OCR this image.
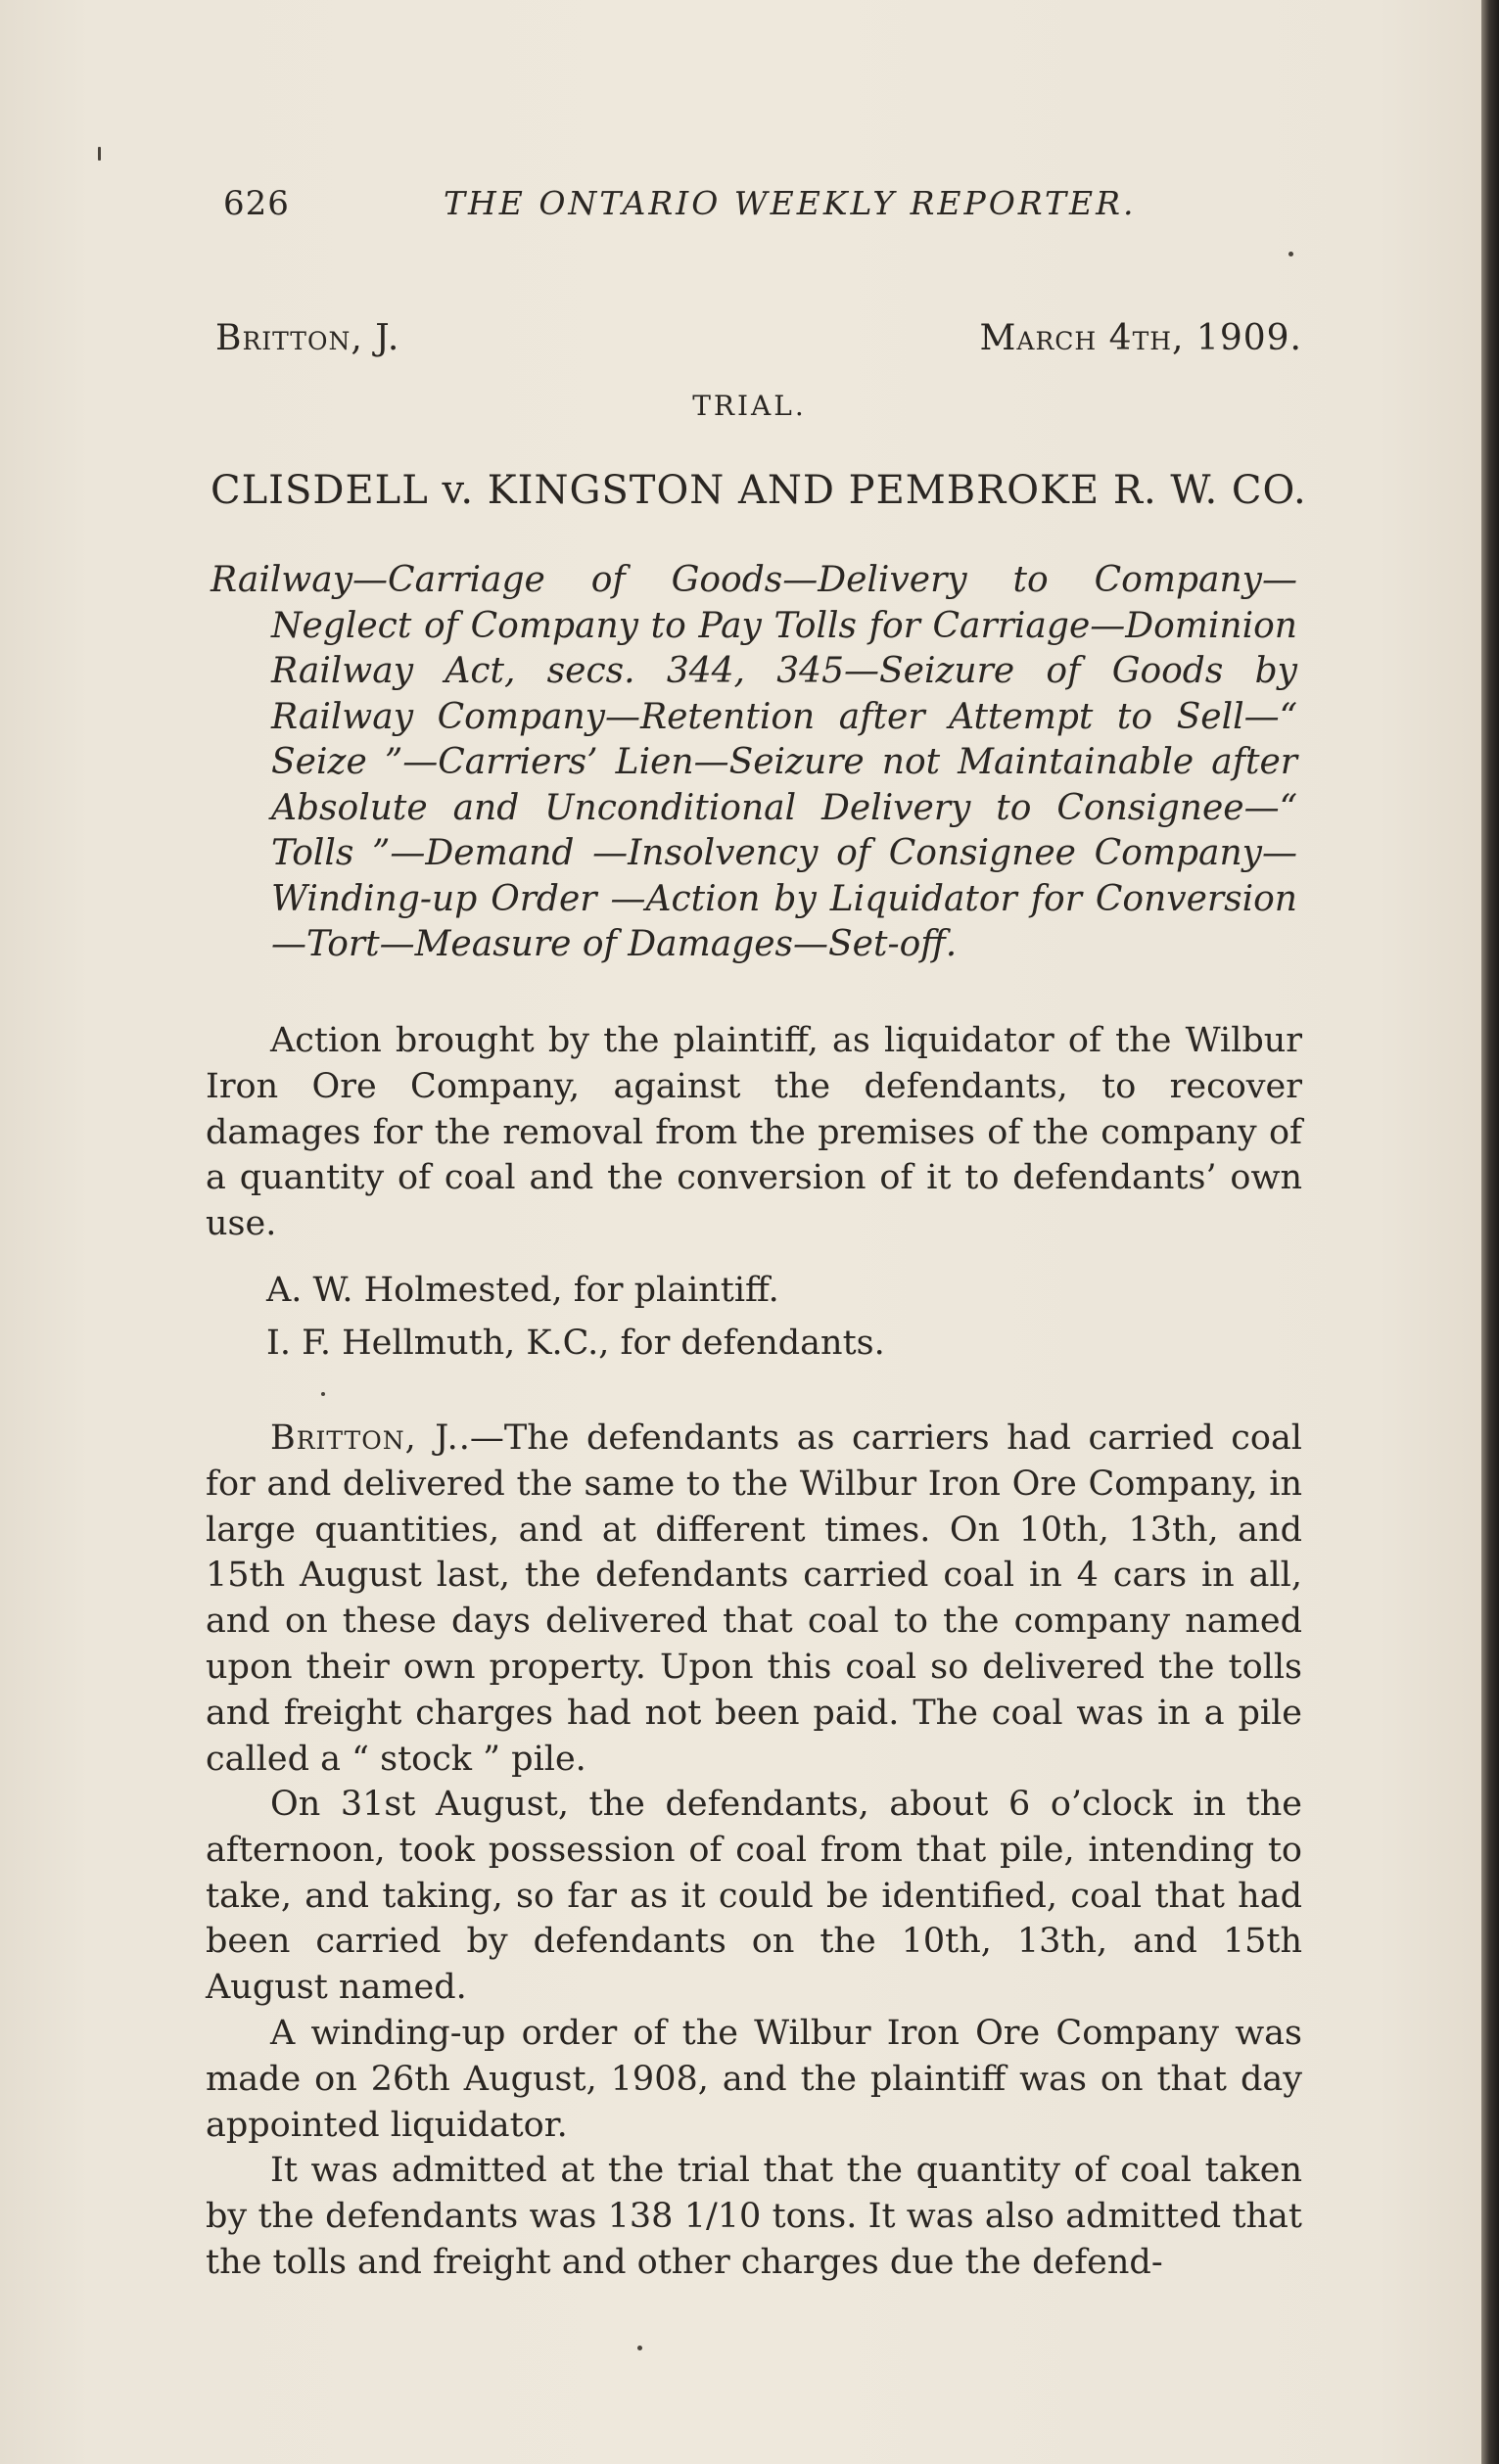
626	THE ONTARIO WEEKLY REPORTER.
Britton, J.	March 4th, 1909.
TRIAL.
CLISDELL v. KINGSTON AND PEMBROKE R. W. CO.
Railway—Carriage of Goods—Delivery to Company—Neglect of Company to Pay Tolls for Carriage—Dominion Railway Act, secs. 344, 345—Seizure of Goods by Railway Company—Retention after Attempt to Sell—“ Seize ”—Carriers’ Lien—Seizure not Maintainable after Absolute and Unconditional Delivery to Consignee—“ Tolls ”—Demand —Insolvency of Consignee Company—Winding-up Order —Action by Liquidator for Conversion—Tort—Measure of Damages—Set-off.
Action brought by the plaintiff, as liquidator of the Wilbur Iron Ore Company, against the defendants, to recover damages for the removal from the premises of the company of a quantity of coal and the conversion of it to defendants’ own use.
A. W. Holmested, for plaintiff.
I. F. Hellmuth, K.C., for defendants.
Britton, J..—The defendants as carriers had carried coal for and delivered the same to the Wilbur Iron Ore Company, in large quantities, and at different times. On 10th, 13th, and 15th August last, the defendants carried coal in 4 cars in all, and on these days delivered that coal to the company named upon their own property. Upon this coal so delivered the tolls and freight charges had not been paid. The coal was in a pile called a “ stock ” pile.
On 31st August, the defendants, about 6 o’clock in the afternoon, took possession of coal from that pile, intending to take, and taking, so far as it could be identified, coal that had been carried by defendants on the 10th, 13th, and 15th August named.
A winding-up order of the Wilbur Iron Ore Company was made on 26th August, 1908, and the plaintiff was on that day appointed liquidator.
It was admitted at the trial that the quantity of coal taken by the defendants was 138 1/10 tons. It was also admitted that the tolls and freight and other charges due the defend-
